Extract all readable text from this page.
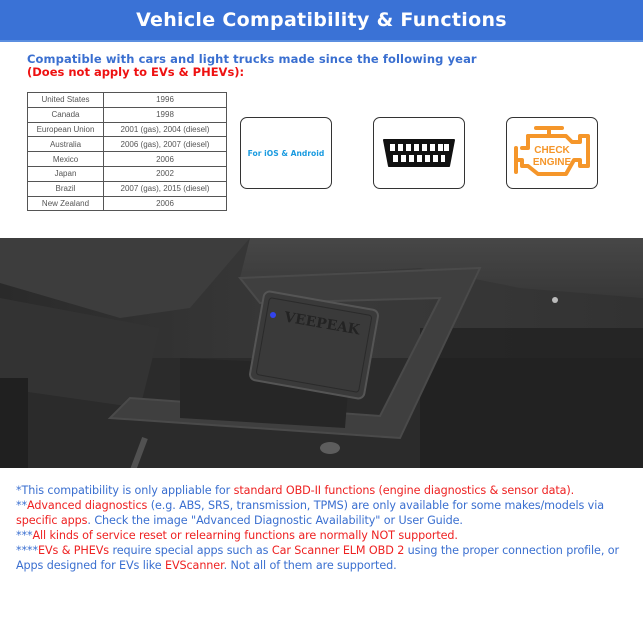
Vehicle Compatibility & Functions
Compatible with cars and light trucks made since the following year
(Does not apply to EVs & PHEVs):
United States	1996
Canada	1998
European Union	2001 (gas), 2004 (diesel)
Australia	2006 (gas), 2007 (diesel)
Mexico	2006
Japan	2002
Brazil	2007 (gas), 2015 (diesel)
New Zealand	2006
For iOS & Android	CHECK
ENGINE
VEEPEAK

*This compatibility is only appliable for standard OBD-II functions (engine diagnostics & sensor data).

**Advanced diagnostics (e.g. ABS, SRS, transmission, TPMS) are only available for some makes/models via specific apps. Check the image "Advanced Diagnostic Availability" or User Guide.

***All kinds of service reset or relearning functions are normally NOT supported.

****EVs & PHEVs require special apps such as Car Scanner ELM OBD 2 using the proper connection profile, or Apps designed for EVs like EVScanner. Not all of them are supported.
